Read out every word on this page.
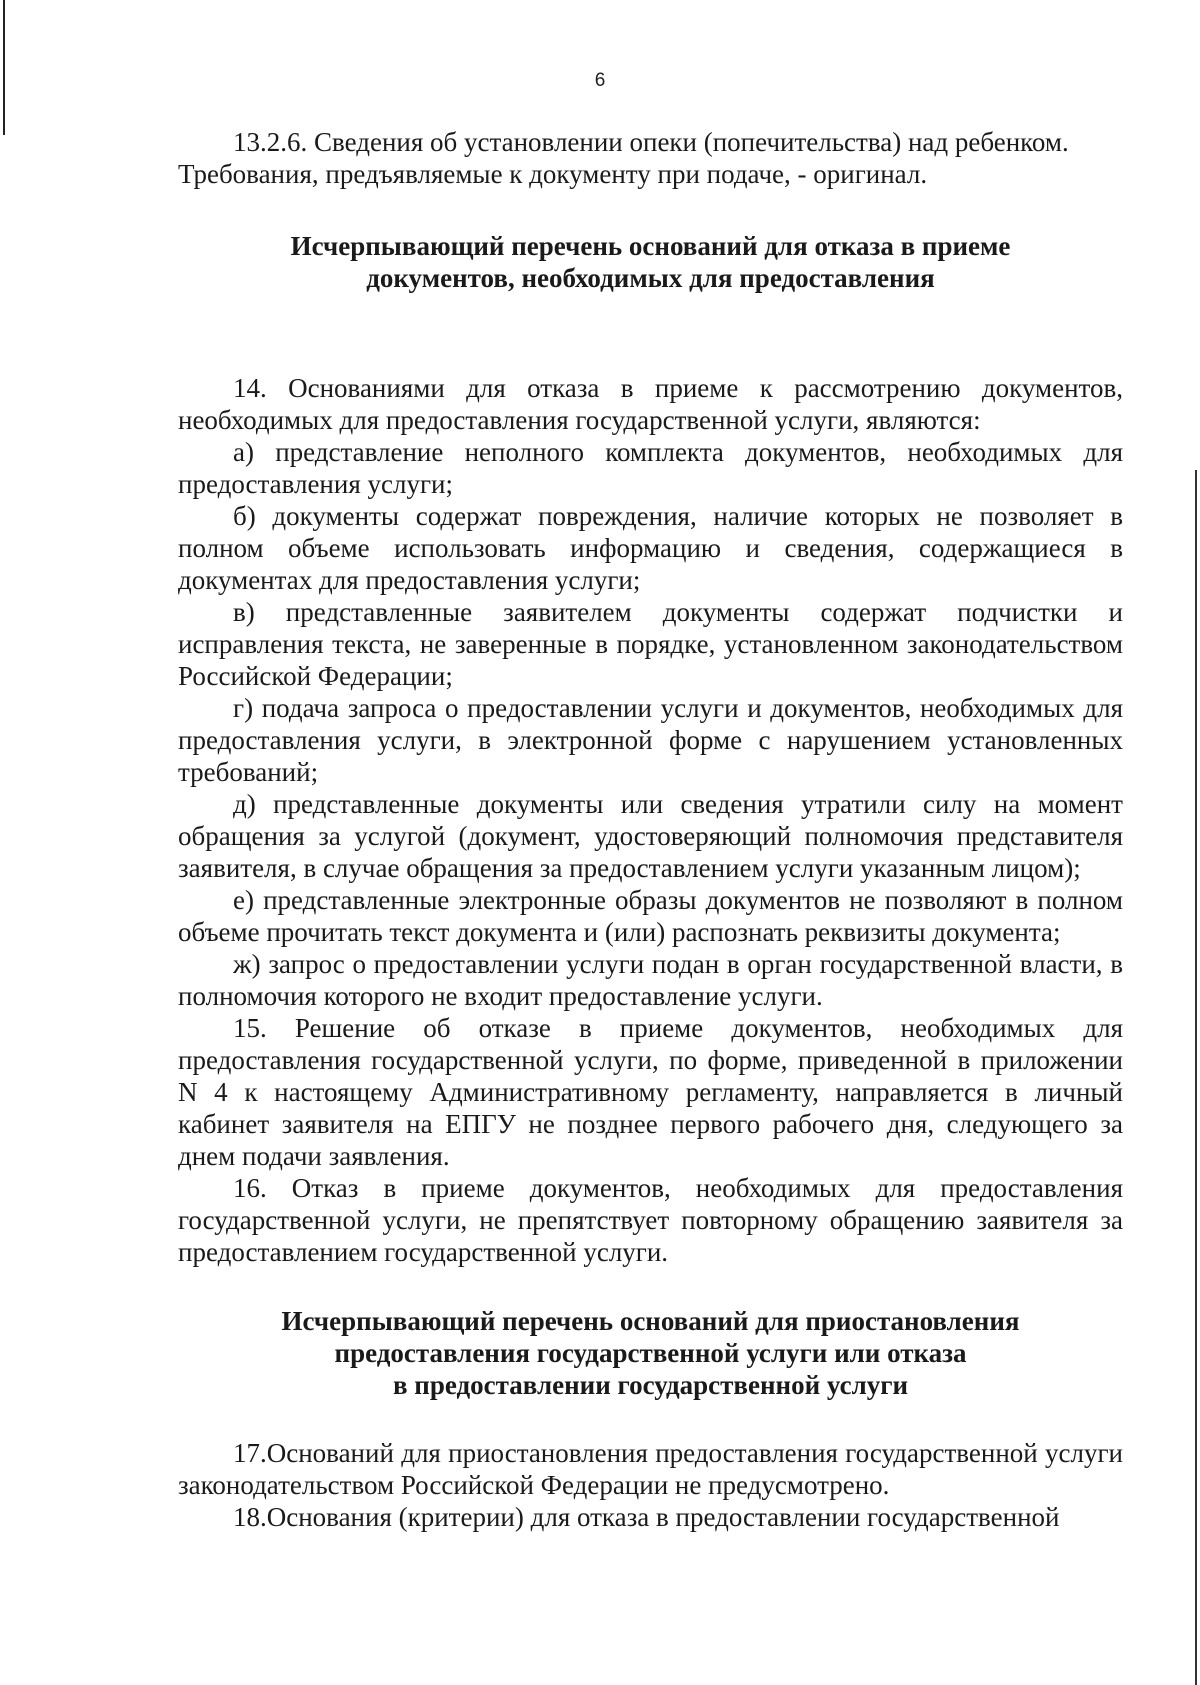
6

13.2.6. Сведения об установлении опеки (попечительства) над ребенком.

Требования, предъявляемые к документу при подаче, - оригинал.

Исчерпывающий перечень оснований для отказа в приеме
документов, необходимых для предоставления

14. Основаниями для отказа в приеме к рассмотрению документов, необходимых для предоставления государственной услуги, являются:

а) представление неполного комплекта документов, необходимых для предоставления услуги;

б) документы содержат повреждения, наличие которых не позволяет в полном объеме использовать информацию и сведения, содержащиеся в документах для предоставления услуги;

в) представленные заявителем документы содержат подчистки и исправления текста, не заверенные в порядке, установленном законодательством Российской Федерации;

г) подача запроса о предоставлении услуги и документов, необходимых для предоставления услуги, в электронной форме с нарушением установленных требований;

д) представленные документы или сведения утратили силу на момент обращения за услугой (документ, удостоверяющий полномочия представителя заявителя, в случае обращения за предоставлением услуги указанным лицом);

е) представленные электронные образы документов не позволяют в полном объеме прочитать текст документа и (или) распознать реквизиты документа;

ж) запрос о предоставлении услуги подан в орган государственной власти, в полномочия которого не входит предоставление услуги.

15. Решение об отказе в приеме документов, необходимых для предоставления государственной услуги, по форме, приведенной в приложении N 4 к настоящему Административному регламенту, направляется в личный кабинет заявителя на ЕПГУ не позднее первого рабочего дня, следующего за днем подачи заявления.

16. Отказ в приеме документов, необходимых для предоставления государственной услуги, не препятствует повторному обращению заявителя за предоставлением государственной услуги.

Исчерпывающий перечень оснований для приостановления
предоставления государственной услуги или отказа
в предоставлении государственной услуги

17.Оснований для приостановления предоставления государственной услуги законодательством Российской Федерации не предусмотрено.

18.Основания (критерии) для отказа в предоставлении государственной
